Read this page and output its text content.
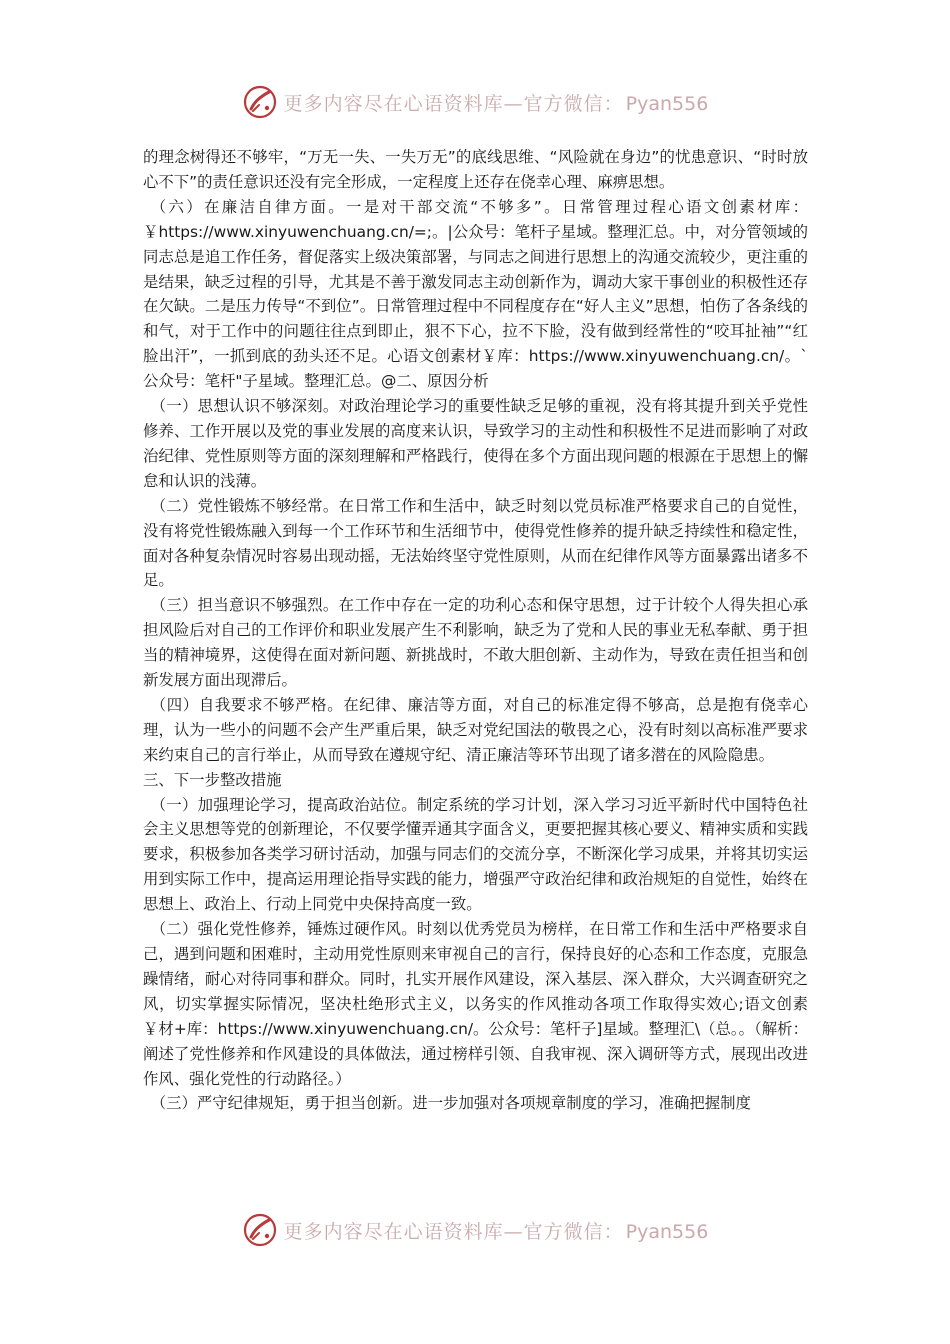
更多内容尽在心语资料库—官方微信： Pyan556

的理念树得还不够牢，“万无一失、一失万无”的底线思维、“风险就在身边”的忧患意识、“时时放心不下”的责任意识还没有完全形成，一定程度上还存在侥幸心理、麻痹思想。

（六）在廉洁自律方面。一是对干部交流“不够多”。日常管理过程心语文创素材库：￥https://www.xinyuwenchuang.cn/=;。|公众号：笔杆子星域。整理汇总。中，对分管领域的同志总是追工作任务，督促落实上级决策部署，与同志之间进行思想上的沟通交流较少，更注重的是结果，缺乏过程的引导，尤其是不善于激发同志主动创新作为，调动大家干事创业的积极性还存在欠缺。二是压力传导“不到位”。日常管理过程中不同程度存在“好人主义”思想，怕伤了各条线的和气，对于工作中的问题往往点到即止，狠不下心，拉不下脸，没有做到经常性的“咬耳扯袖”“红脸出汗”，一抓到底的劲头还不足。心语文创素材￥库：https://www.xinyuwenchuang.cn/。`公众号：笔杆"子星域。整理汇总。@二、原因分析

（一）思想认识不够深刻。对政治理论学习的重要性缺乏足够的重视，没有将其提升到关乎党性修养、工作开展以及党的事业发展的高度来认识，导致学习的主动性和积极性不足进而影响了对政治纪律、党性原则等方面的深刻理解和严格践行，使得在多个方面出现问题的根源在于思想上的懈怠和认识的浅薄。

（二）党性锻炼不够经常。在日常工作和生活中，缺乏时刻以党员标准严格要求自己的自觉性，没有将党性锻炼融入到每一个工作环节和生活细节中，使得党性修养的提升缺乏持续性和稳定性，面对各种复杂情况时容易出现动摇，无法始终坚守党性原则，从而在纪律作风等方面暴露出诸多不足。

（三）担当意识不够强烈。在工作中存在一定的功利心态和保守思想，过于计较个人得失担心承担风险后对自己的工作评价和职业发展产生不利影响，缺乏为了党和人民的事业无私奉献、勇于担当的精神境界，这使得在面对新问题、新挑战时，不敢大胆创新、主动作为，导致在责任担当和创新发展方面出现滞后。

（四）自我要求不够严格。在纪律、廉洁等方面，对自己的标准定得不够高，总是抱有侥幸心理，认为一些小的问题不会产生严重后果，缺乏对党纪国法的敬畏之心，没有时刻以高标准严要求来约束自己的言行举止，从而导致在遵规守纪、清正廉洁等环节出现了诸多潜在的风险隐患。

三、下一步整改措施

（一）加强理论学习，提高政治站位。制定系统的学习计划，深入学习习近平新时代中国特色社会主义思想等党的创新理论，不仅要学懂弄通其字面含义，更要把握其核心要义、精神实质和实践要求，积极参加各类学习研讨活动，加强与同志们的交流分享，不断深化学习成果，并将其切实运用到实际工作中，提高运用理论指导实践的能力，增强严守政治纪律和政治规矩的自觉性，始终在思想上、政治上、行动上同党中央保持高度一致。

（二）强化党性修养，锤炼过硬作风。时刻以优秀党员为榜样，在日常工作和生活中严格要求自己，遇到问题和困难时，主动用党性原则来审视自己的言行，保持良好的心态和工作态度，克服急躁情绪，耐心对待同事和群众。同时，扎实开展作风建设，深入基层、深入群众，大兴调查研究之风，切实掌握实际情况，坚决杜绝形式主义，以务实的作风推动各项工作取得实效心;语文创素￥材+库：https://www.xinyuwenchuang.cn/。公众号：笔杆子]星域。整理汇\（总。。（解析：阐述了党性修养和作风建设的具体做法，通过榜样引领、自我审视、深入调研等方式，展现出改进作风、强化党性的行动路径。）

（三）严守纪律规矩，勇于担当创新。进一步加强对各项规章制度的学习，准确把握制度

更多内容尽在心语资料库—官方微信： Pyan556
